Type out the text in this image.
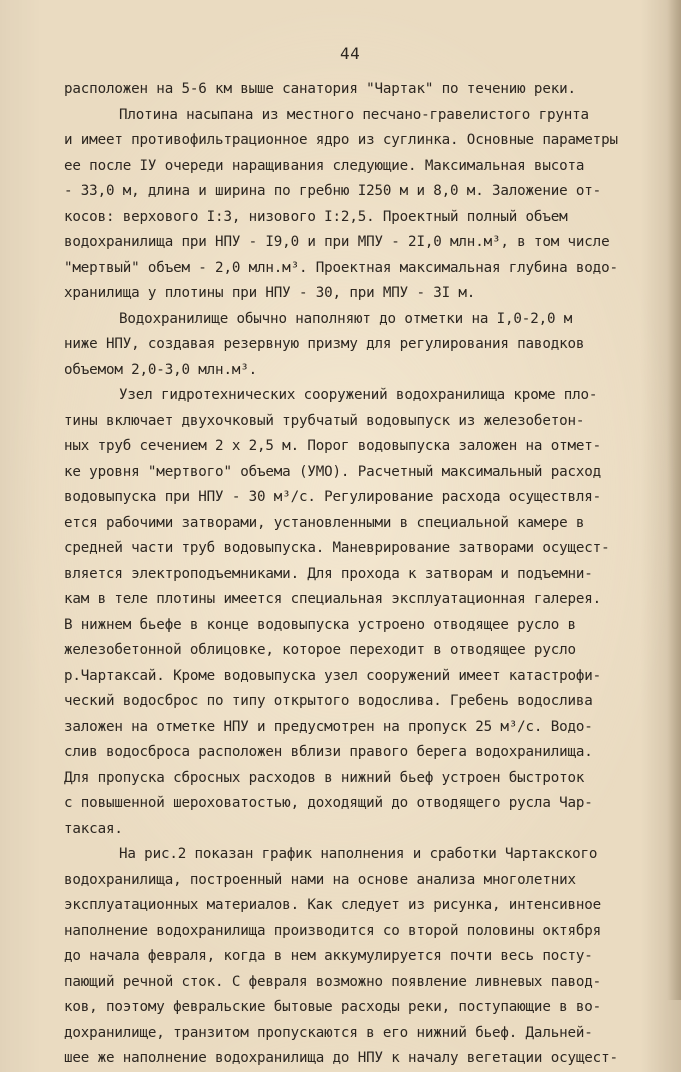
44
расположен на 5-6 км выше санатория "Чартак" по течению реки.
Плотина насыпана из местного песчано-гравелистого грунта
и имеет противофильтрационное ядро из суглинка. Основные параметры
ее после IУ очереди наращивания следующие. Максимальная высота
- 33,0 м, длина и ширина по гребню I250 м и 8,0 м. Заложение от-
косов: верхового I:3, низового I:2,5. Проектный полный объем
водохранилища при НПУ - I9,0 и при МПУ - 2I,0 млн.м³, в том числе
"мертвый" объем - 2,0 млн.м³. Проектная максимальная глубина водо-
хранилища у плотины при НПУ - 30, при МПУ - 3I м.
Водохранилище обычно наполняют до отметки на I,0-2,0 м
ниже НПУ, создавая резервную призму для регулирования паводков
объемом 2,0-3,0 млн.м³.
Узел гидротехнических сооружений водохранилища кроме пло-
тины включает двухочковый трубчатый водовыпуск из железобетон-
ных труб сечением 2 х 2,5 м. Порог водовыпуска заложен на отмет-
ке уровня "мертвого" объема (УМО). Расчетный максимальный расход
водовыпуска при НПУ - 30 м³/с. Регулирование расхода осуществля-
ется рабочими затворами, установленными в специальной камере в
средней части труб водовыпуска. Маневрирование затворами осущест-
вляется электроподъемниками. Для прохода к затворам и подъемни-
кам в теле плотины имеется специальная эксплуатационная галерея.
В нижнем бьефе в конце водовыпуска устроено отводящее русло в
железобетонной облицовке, которое переходит в отводящее русло
р.Чартаксай. Кроме водовыпуска узел сооружений имеет катастрофи-
ческий водосброс по типу открытого водослива. Гребень водослива
заложен на отметке НПУ и предусмотрен на пропуск 25 м³/с. Водо-
слив водосброса расположен вблизи правого берега водохранилища.
Для пропуска сбросных расходов в нижний бьеф устроен быстроток
с повышенной шероховатостью, доходящий до отводящего русла Чар-
таксая.
На рис.2 показан график наполнения и сработки Чартакского
водохранилища, построенный нами на основе анализа многолетних
эксплуатационных материалов. Как следует из рисунка, интенсивное
наполнение водохранилища производится со второй половины октября
до начала февраля, когда в нем аккумулируется почти весь посту-
пающий речной сток. С февраля возможно появление ливневых павод-
ков, поэтому февральские бытовые расходы реки, поступающие в во-
дохранилище, транзитом пропускаются в его нижний бьеф. Дальней-
шее же наполнение водохранилища до НПУ к началу вегетации осущест-
